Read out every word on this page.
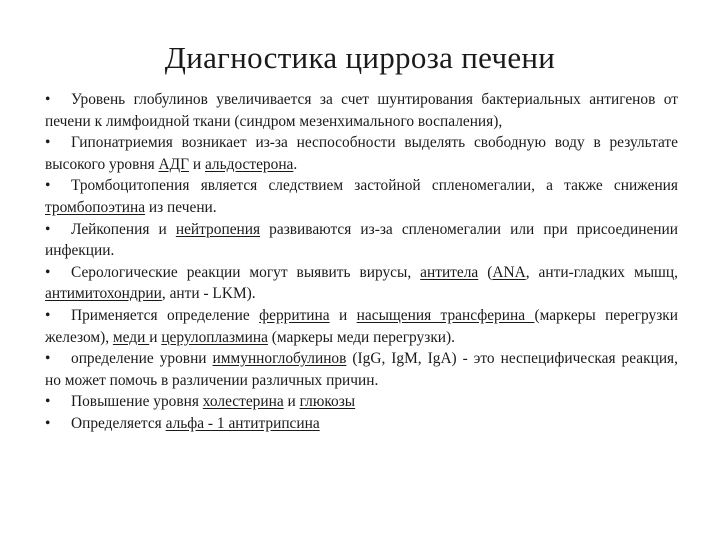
Диагностика цирроза печени

• Уровень глобулинов увеличивается за счет шунтирования бактериальных антигенов от печени к лимфоидной ткани (синдром мезенхимального воспаления),

• Гипонатриемия возникает из-за неспособности выделять свободную воду в результате высокого уровня АДГ и альдостерона.

• Тромбоцитопения является следствием застойной спленомегалии, а также снижения тромбопоэтина из печени.

• Лейкопения и нейтропения развиваются из-за спленомегалии или при присоединении инфекции.

• Серологические реакции могут выявить вирусы, антитела (ANA, анти-гладких мышц, антимитохондрии, анти - LKM).

• Применяется определение ферритина и насыщения трансферина (маркеры перегрузки железом), меди и церулоплазмина (маркеры меди перегрузки).

• определение уровни иммунноглобулинов (IgG, IgM, IgA) - это неспецифическая реакция, но может помочь в различении различных причин.

• Повышение уровня холестерина и глюкозы

• Определяется альфа - 1 антитрипсина
